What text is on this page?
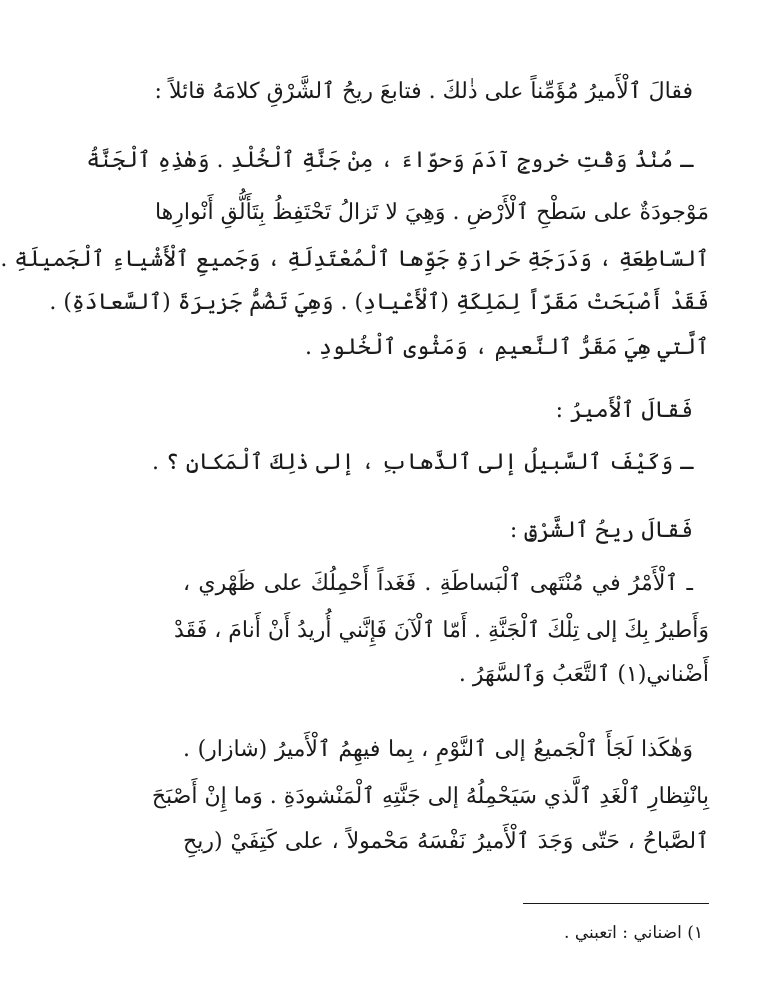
فقالَ ٱلْأَميرُ مُؤَمِّناً على ذٰلكَ . فتابعَ ريحُ ٱلشَّرْقِ كلامَهُ قائلاً :
ـ مُنْذُ وَقْتِ خروجِ آدَمَ وَحوّاءَ ، مِنْ جَنَّةِ ٱلْخُلْدِ . وَهٰذِهِ ٱلْجَنَّةُ
مَوْجودَةٌ على سَطْحِ ٱلْأَرْضِ . وَهِيَ لا تَزالُ تَحْتَفِظُ بِتَأَلُّقِ أَنْوارِها
ٱلسّاطِعَةِ ، وَدَرَجَةِ حَرارَةِ جَوِّها ٱلْمُعْتَدِلَةِ ، وَجَميعِ ٱلْأَشْياءِ ٱلْجَميلَةِ .
فَقَدْ أَصْبَحَتْ مَقَرّاً لِمَلِكَةِ (ٱلْأَعْيادِ) . وَهِيَ تَضُمُّ جَزيرَةَ (ٱلسَّعادَةِ) .
ٱلَّتي هِيَ مَقَرُّ ٱلنَّعيمِ ، وَمَثْوى ٱلْخُلودِ .
فَقالَ ٱلْأَميرُ :
ـ وَكَيْفَ ٱلسَّبيلُ إلى ٱلذَّهابِ ، إلى ذٰلِكَ ٱلْمَكانِ ؟ .
فَقالَ ريحُ ٱلشَّرْقِ :
ـ ٱلْأَمْرُ في مُنْتَهى ٱلْبَساطَةِ . فَغَداً أَحْمِلُكَ على ظَهْري ،
وَأَطيرُ بِكَ إلى تِلْكَ ٱلْجَنَّةِ . أَمّا ٱلْآنَ فَإِنَّني أُريدُ أَنْ أَنامَ ، فَقَدْ
أَضْناني(١) ٱلتَّعَبُ وَٱلسَّهَرُ .
وَهٰكَذا لَجَأَ ٱلْجَميعُ إلى ٱلنَّوْمِ ، بِما فيهِمُ ٱلْأَميرُ (شازار) .
بِانْتِظارِ ٱلْغَدِ ٱلَّذي سَيَحْمِلُهُ إلى جَنَّتِهِ ٱلْمَنْشودَةِ . وَما إِنْ أَصْبَحَ
ٱلصَّباحُ ، حَتّى وَجَدَ ٱلْأَميرُ نَفْسَهُ مَحْمولاً ، على كَتِفَيْ (ريحِ
١) اضناني : اتعبني .
